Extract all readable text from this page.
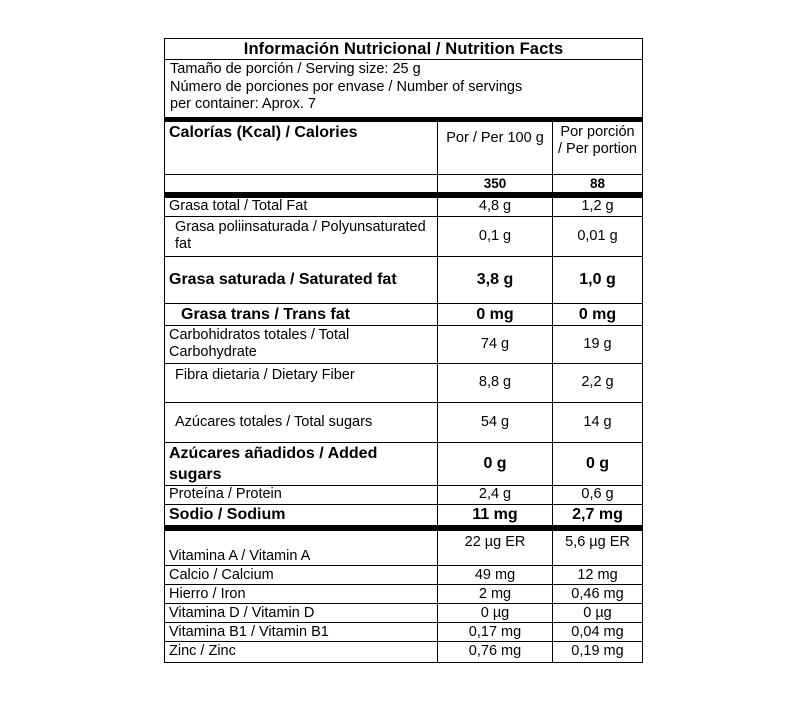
Información Nutricional / Nutrition Facts
Tamaño de porción / Serving size: 25 g
Número de porciones por envase / Number of servings
per container: Aprox. 7
Calorías (Kcal) / Calories	Por / Per 100 g	Por porción / Per portion
	350	88
Grasa total / Total Fat	4,8 g	1,2 g
Grasa poliinsaturada / Polyunsaturated fat	0,1 g	0,01 g
Grasa saturada / Saturated fat	3,8 g	1,0 g
Grasa trans / Trans fat	0 mg	0 mg
Carbohidratos totales / Total Carbohydrate	74 g	19 g
Fibra dietaria / Dietary Fiber	8,8 g	2,2 g
Azúcares totales / Total sugars	54 g	14 g
Azúcares añadidos / Added sugars	0 g	0 g
Proteína / Protein	2,4 g	0,6 g
Sodio / Sodium	11 mg	2,7 mg
Vitamina A / Vitamin A	22 µg ER	5,6 µg ER
Calcio / Calcium	49 mg	12 mg
Hierro / Iron	2 mg	0,46 mg
Vitamina D / Vitamin D	0 µg	0 µg
Vitamina B1 / Vitamin B1	0,17 mg	0,04 mg
Zinc / Zinc	0,76 mg	0,19 mg
